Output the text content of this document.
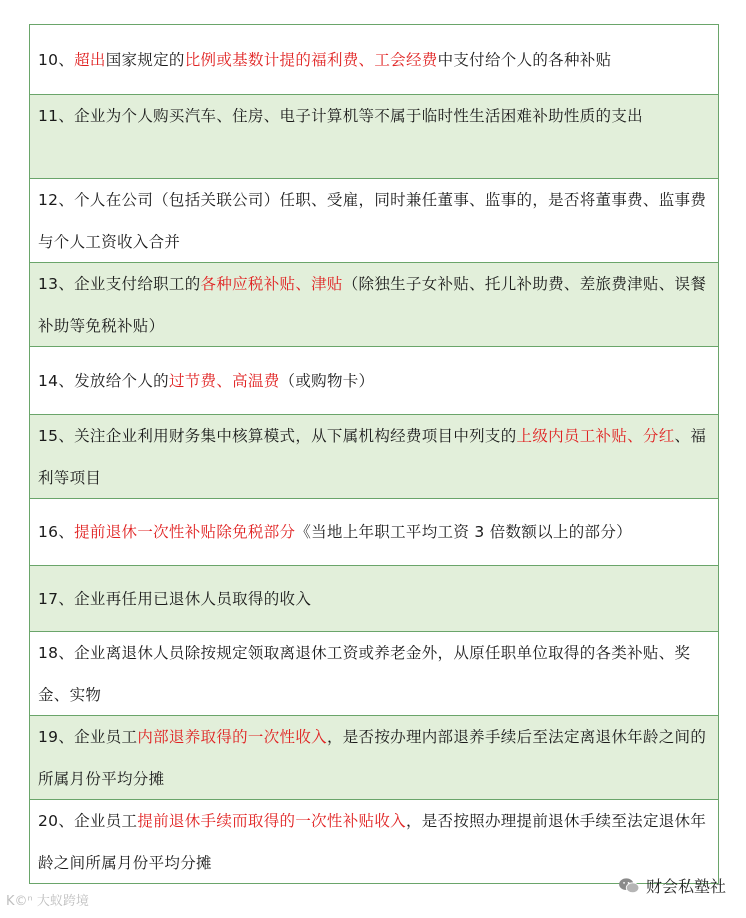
10、超出国家规定的比例或基数计提的福利费、工会经费中支付给个人的各种补贴
11、企业为个人购买汽车、住房、电子计算机等不属于临时性生活困难补助性质的支出
12、个人在公司（包括关联公司）任职、受雇，同时兼任董事、监事的，是否将董事费、监事费与个人工资收入合并
13、企业支付给职工的各种应税补贴、津贴（除独生子女补贴、托儿补助费、差旅费津贴、误餐补助等免税补贴）
14、发放给个人的过节费、高温费（或购物卡）
15、关注企业利用财务集中核算模式，从下属机构经费项目中列支的上级内员工补贴、分红、福利等项目
16、提前退休一次性补贴除免税部分《当地上年职工平均工资 3 倍数额以上的部分）
17、企业再任用已退休人员取得的收入
18、企业离退休人员除按规定领取离退休工资或养老金外，从原任职单位取得的各类补贴、奖金、实物
19、企业员工内部退养取得的一次性收入，是否按办理内部退养手续后至法定离退休年龄之间的所属月份平均分摊
20、企业员工提前退休手续而取得的一次性补贴收入，是否按照办理提前退休手续至法定退休年龄之间所属月份平均分摊
K©ⁿ 大蚁跨境
财会私塾社
